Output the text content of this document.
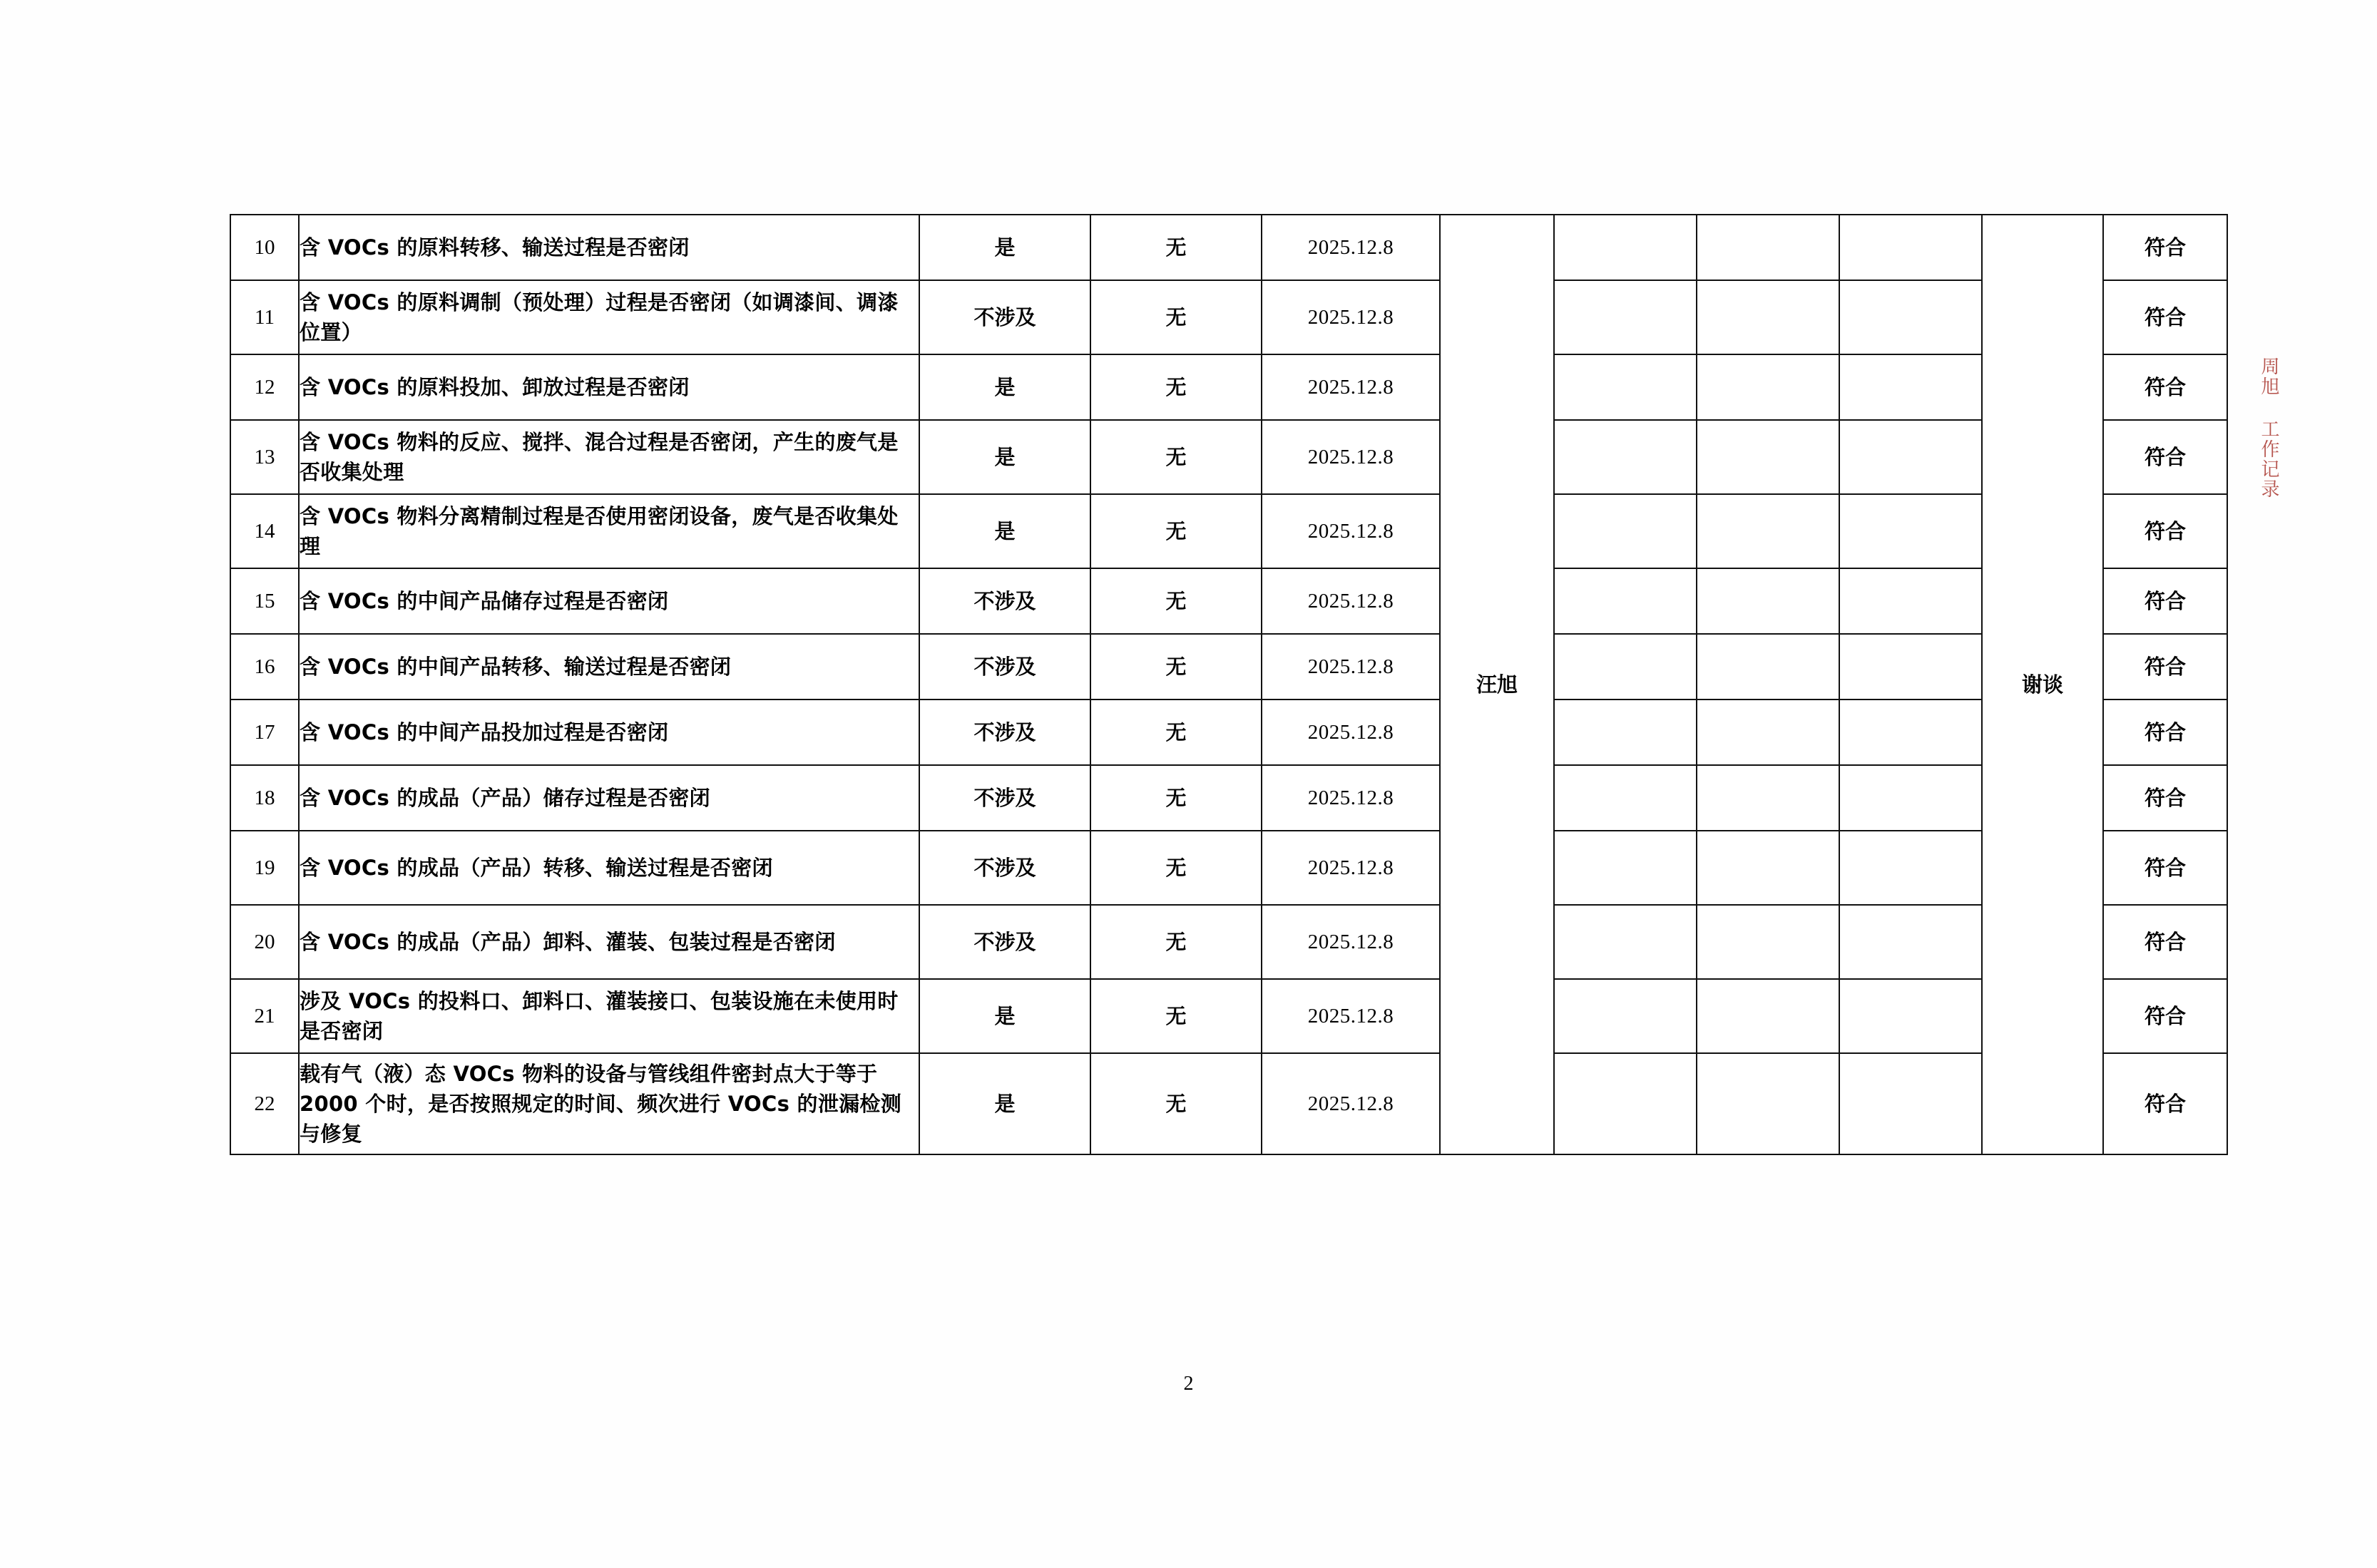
10	含 VOCs 的原料转移、输送过程是否密闭	是	无	2025.12.8	汪旭				谢谈	符合
11	含 VOCs 的原料调制（预处理）过程是否密闭（如调漆间、调漆位置）	不涉及	无	2025.12.8						符合
12	含 VOCs 的原料投加、卸放过程是否密闭	是	无	2025.12.8						符合
13	含 VOCs 物料的反应、搅拌、混合过程是否密闭，产生的废气是否收集处理	是	无	2025.12.8						符合
14	含 VOCs 物料分离精制过程是否使用密闭设备，废气是否收集处理	是	无	2025.12.8						符合
15	含 VOCs 的中间产品储存过程是否密闭	不涉及	无	2025.12.8						符合
16	含 VOCs 的中间产品转移、输送过程是否密闭	不涉及	无	2025.12.8						符合
17	含 VOCs 的中间产品投加过程是否密闭	不涉及	无	2025.12.8						符合
18	含 VOCs 的成品（产品）储存过程是否密闭	不涉及	无	2025.12.8						符合
19	含 VOCs 的成品（产品）转移、输送过程是否密闭	不涉及	无	2025.12.8						符合
20	含 VOCs 的成品（产品）卸料、灌装、包装过程是否密闭	不涉及	无	2025.12.8						符合
21	涉及 VOCs 的投料口、卸料口、灌装接口、包装设施在未使用时是否密闭	是	无	2025.12.8						符合
22	载有气（液）态 VOCs 物料的设备与管线组件密封点大于等于 2000 个时，是否按照规定的时间、频次进行 VOCs 的泄漏检测与修复	是	无	2025.12.8						符合
周旭 工作记录
2
